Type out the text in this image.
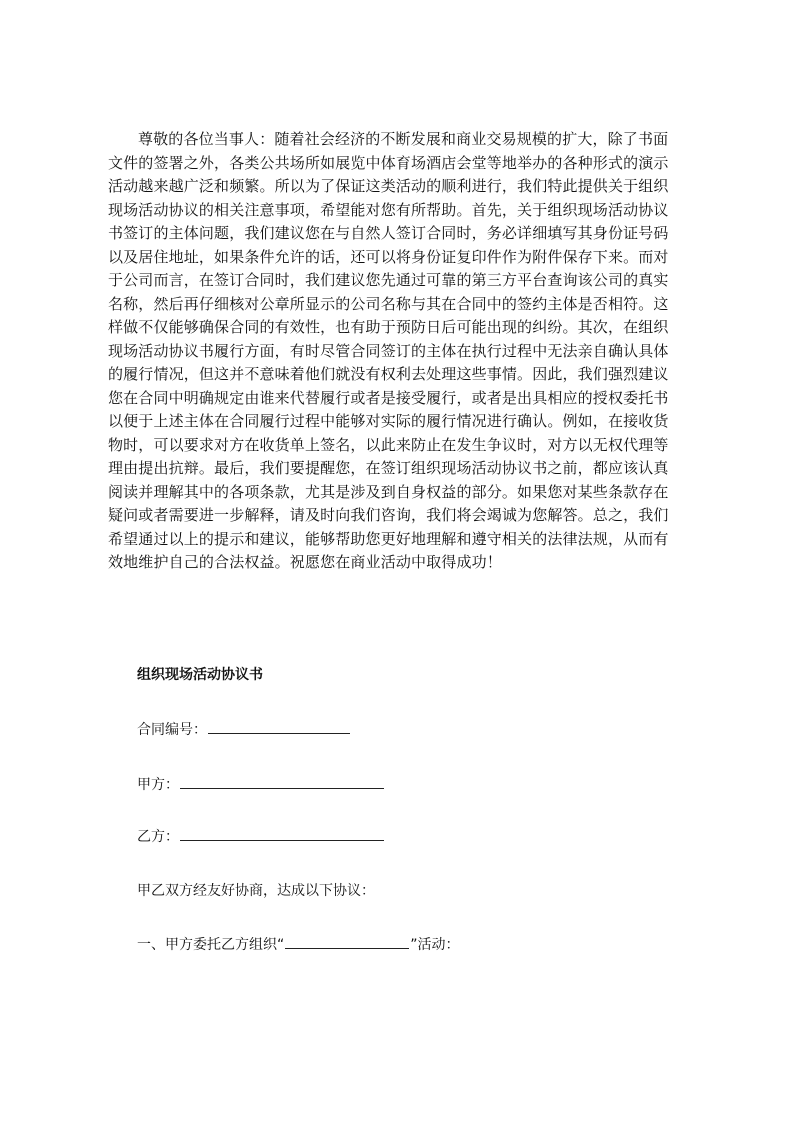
尊敬的各位当事人：随着社会经济的不断发展和商业交易规模的扩大，除了书面
文件的签署之外，各类公共场所如展览中体育场酒店会堂等地举办的各种形式的演示
活动越来越广泛和频繁。所以为了保证这类活动的顺利进行，我们特此提供关于组织
现场活动协议的相关注意事项，希望能对您有所帮助。首先，关于组织现场活动协议
书签订的主体问题，我们建议您在与自然人签订合同时，务必详细填写其身份证号码
以及居住地址，如果条件允许的话，还可以将身份证复印件作为附件保存下来。而对
于公司而言，在签订合同时，我们建议您先通过可靠的第三方平台查询该公司的真实
名称，然后再仔细核对公章所显示的公司名称与其在合同中的签约主体是否相符。这
样做不仅能够确保合同的有效性，也有助于预防日后可能出现的纠纷。其次，在组织
现场活动协议书履行方面，有时尽管合同签订的主体在执行过程中无法亲自确认具体
的履行情况，但这并不意味着他们就没有权利去处理这些事情。因此，我们强烈建议
您在合同中明确规定由谁来代替履行或者是接受履行，或者是出具相应的授权委托书
以便于上述主体在合同履行过程中能够对实际的履行情况进行确认。例如，在接收货
物时，可以要求对方在收货单上签名，以此来防止在发生争议时，对方以无权代理等
理由提出抗辩。最后，我们要提醒您，在签订组织现场活动协议书之前，都应该认真
阅读并理解其中的各项条款，尤其是涉及到自身权益的部分。如果您对某些条款存在
疑问或者需要进一步解释，请及时向我们咨询，我们将会竭诚为您解答。总之，我们
希望通过以上的提示和建议，能够帮助您更好地理解和遵守相关的法律法规，从而有
效地维护自己的合法权益。祝愿您在商业活动中取得成功！
组织现场活动协议书
合同编号：
甲方：
乙方：
甲乙双方经友好协商，达成以下协议：
一、甲方委托乙方组织 “	” 活动：
